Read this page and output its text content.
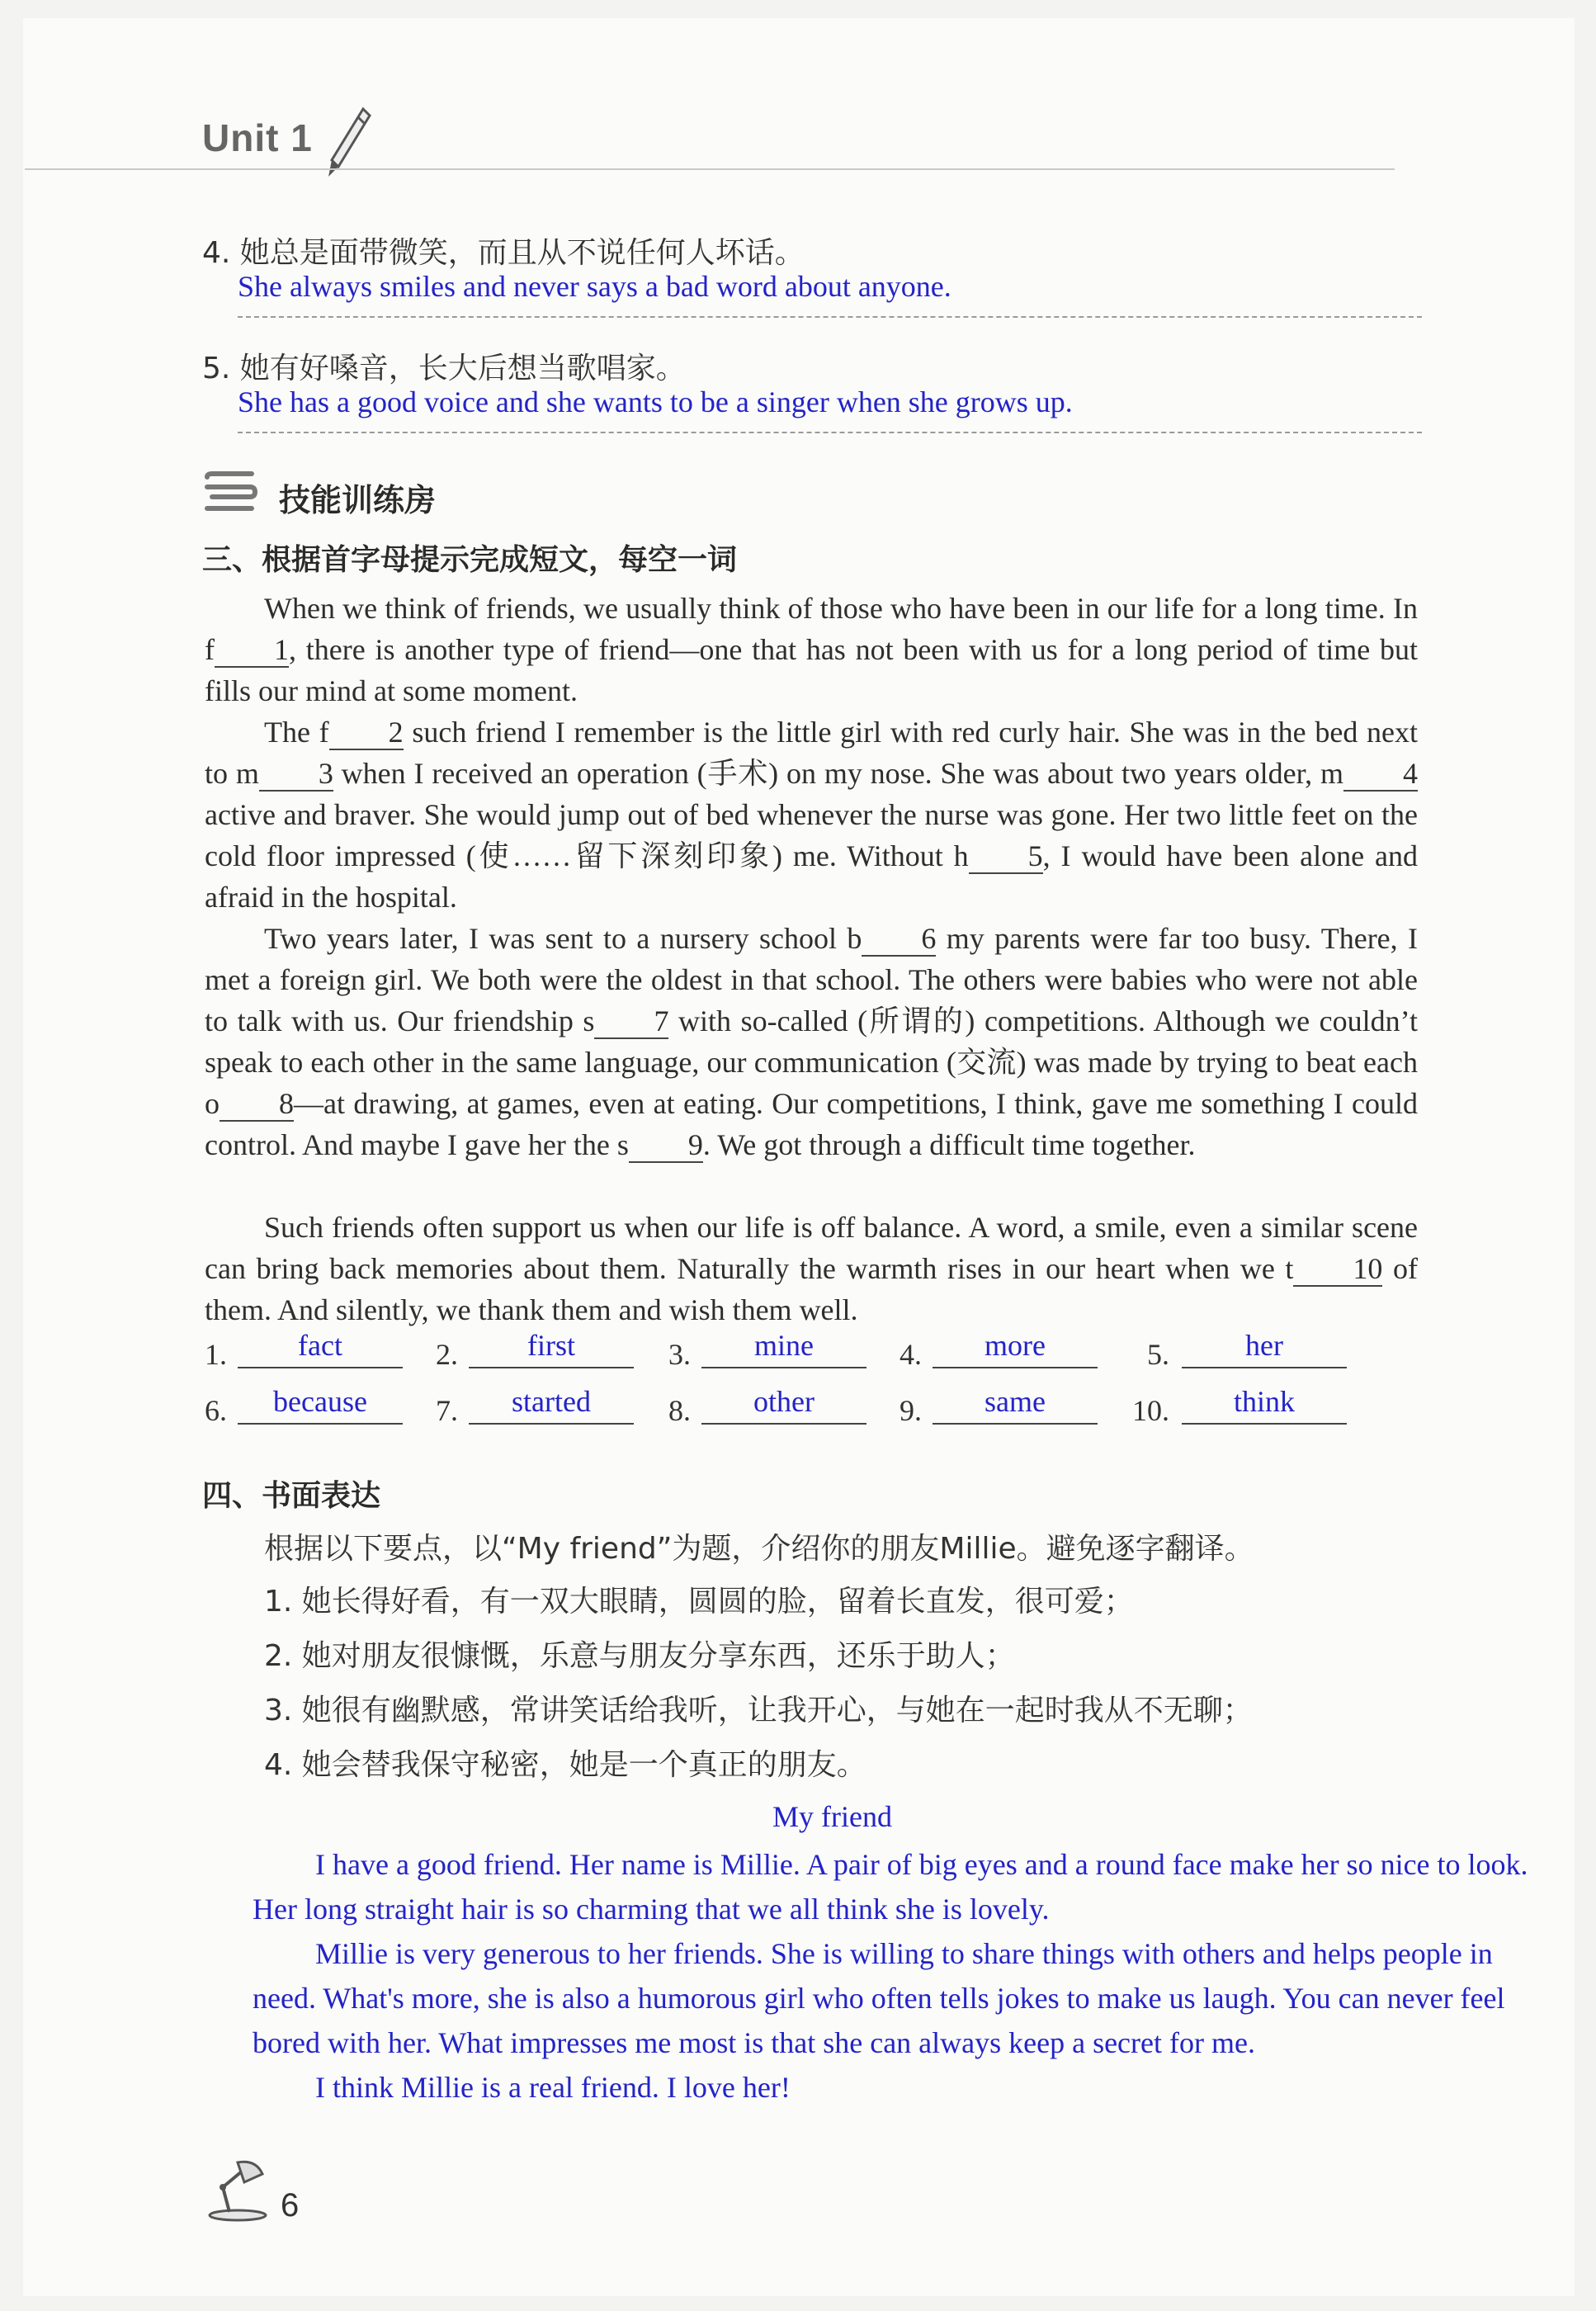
Unit 1
4. 她总是面带微笑，而且从不说任何人坏话。
She always smiles and never says a bad word about anyone.
5. 她有好嗓音，长大后想当歌唱家。
She has a good voice and she wants to be a singer when she grows up.
技能训练房
三、根据首字母提示完成短文，每空一词
When we think of friends, we usually think of those who have been in our life for a long time. In f 1, there is another type of friend—one that has not been with us for a long period of time but fills our mind at some moment.
The f 2 such friend I remember is the little girl with red curly hair. She was in the bed next to m 3 when I received an operation (手术) on my nose. She was about two years older, m 4 active and braver. She would jump out of bed whenever the nurse was gone. Her two little feet on the cold floor impressed (使……留下深刻印象) me. Without h 5, I would have been alone and afraid in the hospital.
Two years later, I was sent to a nursery school b 6 my parents were far too busy. There, I met a foreign girl. We both were the oldest in that school. The others were babies who were not able to talk with us. Our friendship s 7 with so-called (所谓的) competitions. Although we couldn’t speak to each other in the same language, our communication (交流) was made by trying to beat each o 8—at drawing, at games, even at eating. Our competitions, I think, gave me something I could control. And maybe I gave her the s 9. We got through a difficult time together.
Such friends often support us when our life is off balance. A word, a smile, even a similar scene can bring back memories about them. Naturally the warmth rises in our heart when we t 10 of them. And silently, we thank them and wish them well.
1.	fact	2.	first	3.	mine	4.	more	5.	her
6.	because	7.	started	8.	other	9.	same	10.	think
四、书面表达
根据以下要点，以“My friend”为题，介绍你的朋友Millie。避免逐字翻译。
1. 她长得好看，有一双大眼睛，圆圆的脸，留着长直发，很可爱；
2. 她对朋友很慷慨，乐意与朋友分享东西，还乐于助人；
3. 她很有幽默感，常讲笑话给我听，让我开心，与她在一起时我从不无聊；
4. 她会替我保守秘密，她是一个真正的朋友。
My friend
I have a good friend. Her name is Millie. A pair of big eyes and a round face make her so nice to look. Her long straight hair is so charming that we all think she is lovely.
Millie is very generous to her friends. She is willing to share things with others and helps people in need. What's more, she is also a humorous girl who often tells jokes to make us laugh. You can never feel bored with her. What impresses me most is that she can always keep a secret for me.
I think Millie is a real friend. I love her!
6
